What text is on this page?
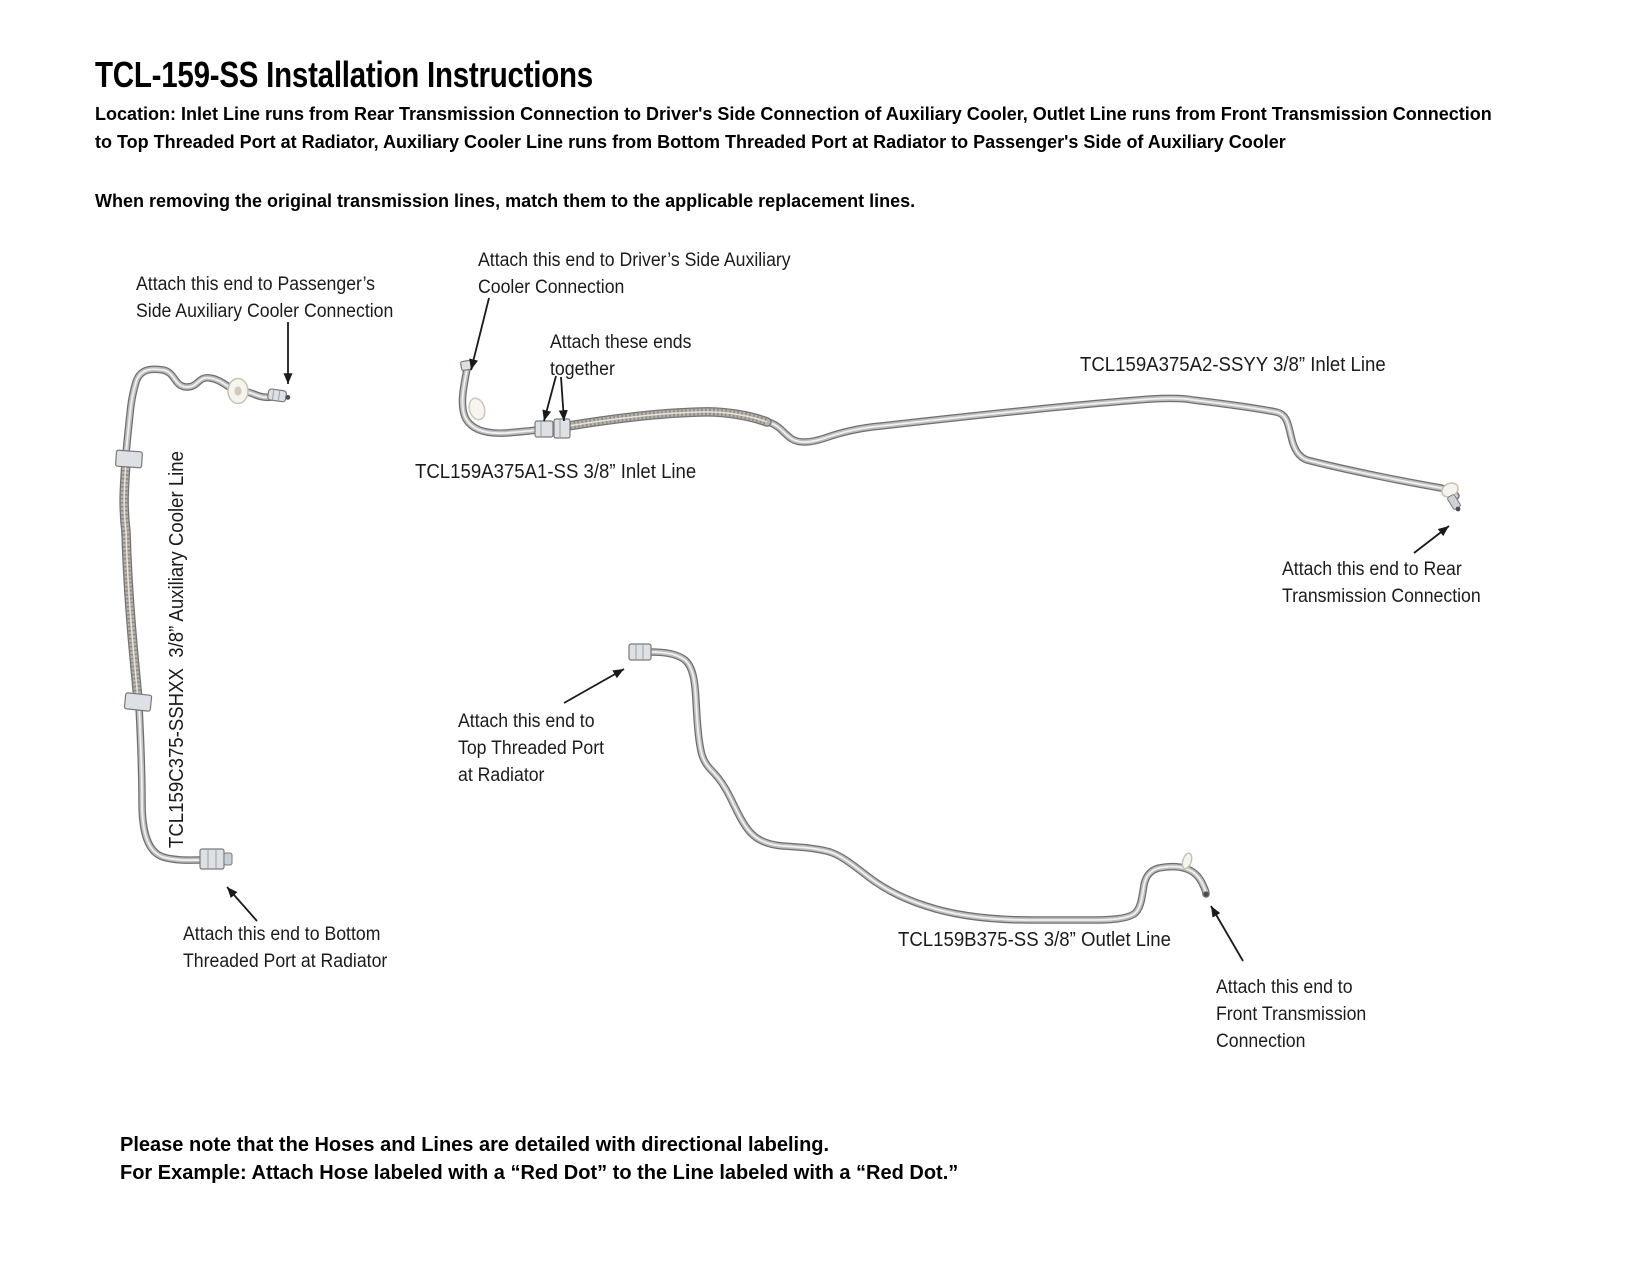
TCL-159-SS Installation Instructions
Location: Inlet Line runs from Rear Transmission Connection to Driver's Side Connection of Auxiliary Cooler, Outlet Line runs from Front Transmission Connection to Top Threaded Port at Radiator, Auxiliary Cooler Line runs from Bottom Threaded Port at Radiator to Passenger's Side of Auxiliary Cooler
When removing the original transmission lines, match them to the applicable replacement lines.
Attach this end to Passenger’s
Side Auxiliary Cooler Connection
Attach this end to Driver’s Side Auxiliary
Cooler Connection
Attach these ends
together
Attach this end to Rear
Transmission Connection
Attach this end to
Top Threaded Port
at Radiator
Attach this end to Bottom
Threaded Port at Radiator
Attach this end to
Front Transmission
Connection
TCL159A375A1-SS 3/8” Inlet Line
TCL159A375A2-SSYY 3/8” Inlet Line
TCL159B375-SS 3/8” Outlet Line
TCL159C375-SSHXX  3/8” Auxiliary Cooler Line
Please note that the Hoses and Lines are detailed with directional labeling.
For Example: Attach Hose labeled with a “Red Dot” to the Line labeled with a “Red Dot.”
